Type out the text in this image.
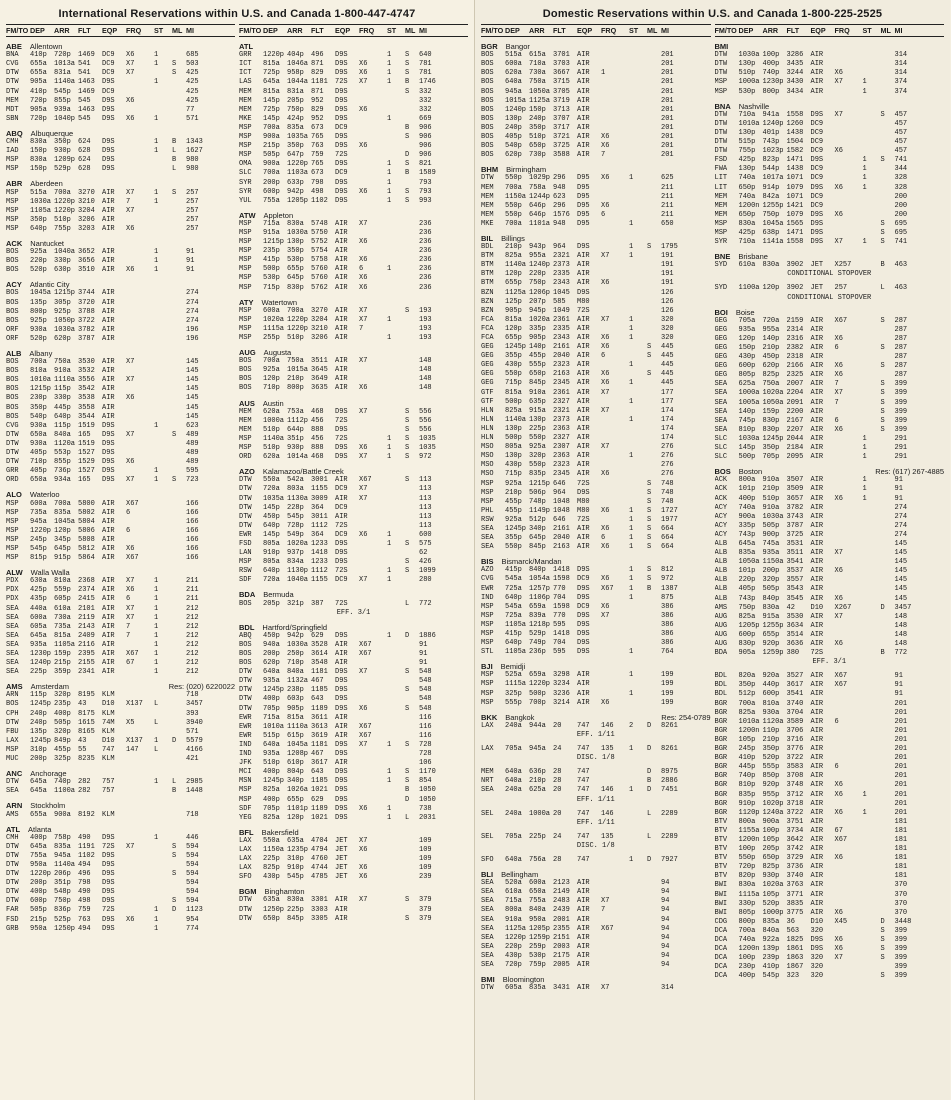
International Reservations within U.S. and Canada 1-800-447-4747
FM/TO DEP	ARR	FLT	EQP	FRQ	ST	ML MI
ABE Allentown
BNA	410p	720p	1469	DC9	X6	1	685
CVG	655a	1013a 541	DC9	X7	1	S	503
DTW	655a	831a	541	DC9	X7	S	425
DTW	905a	1140a 1463	D9S	1	425
DTW	410p	545p	1469	DC9	425
MEM	720p	855p	545	D9S	X6	425
MDT	905a	939a	1463	D9S	77
SBN	720p	1040p 545	D9S	X6	1	571
ABQ Albuquerque
CMH	830a	350p	624	D9S	1	B	1343
IAD	150p	930p	628	D9S	1	L	1627
MSP	830a	1209p 624	D9S	B	980
MSP	150p	529p	628	D9S	L	980
ABR Aberdeen
MSP	515a	700a	3270	AIR	X7	1	S	257
MSP	1030a 1220p 3210	AIR	7	1	257
MSP	1105a 1220p 3204	AIR	X7	257
MSP	350p	510p	3206	AIR	257
MSP	640p	755p	3203	AIR	X6	257
ACK Nantucket
BOS	925a	1040a 3652	AIR	1	91
BOS	220p	330p	3656	AIR	1	91
BOS	520p	630p	3510	AIR	X6	1	91
ACY Atlantic City
BOS	1045a 1215p 3744	AIR	274
BOS	135p	305p	3720	AIR	274
BOS	800p	925p	3788	AIR	274
BOS	925p	1050p 3722	AIR	274
ORF	930a	1030a 3782	AIR	196
ORF	520p	620p	3787	AIR	196
ALB Albany
BOS	700a	750a	3530	AIR	X7	145
BOS	810a	910a	3532	AIR	145
BOS	1010a 1110a 3556	AIR	X7	145
BOS	1215p 115p	3542	AIR	145
BOS	230p	330p	3538	AIR	X6	145
BOS	350p	445p	3558	AIR	145
BOS	540p	640p	3544	AIR	145
CVG	930a	115p	1519	D9S	1	623
DTW	650a	840a	165	D9S	X7	S	489
DTW	930a	1120a 1519	D9S	489
DTW	405p	553p	1527	D9S	489
DTW	710p	855p	1529	D9S	X6	489
GRR	405p	736p	1527	D9S	1	595
ORD	650a	934a	165	D9S	X7	1	S	723
ALO Waterloo
MSP	600a	700a	5800	AIR	X67	166
MSP	735a	835a	5802	AIR	6	166
MSP	945a	1045a 5804	AIR	166
MSP	1220p 120p	5806	AIR	6	166
MSP	245p	345p	5808	AIR	166
MSP	545p	645p	5812	AIR	X6	166
MSP	815p	915p	5864	AIR	X67	166
ALW Walla Walla
PDX	630a	810a	2368	AIR	X7	1	211
PDX	425p	559p	2374	AIR	X6	1	211
PDX	435p	605p	2415	AIR	6	1	211
SEA	440a	610a	2101	AIR	X7	1	212
SEA	600a	730a	2119	AIR	X7	1	212
SEA	605a	735a	2143	AIR	7	1	212
SEA	645a	815a	2409	AIR	7	1	212
SEA	935a	1105a 2116	AIR	1	212
SEA	1230p 159p	2395	AIR	X67	1	212
SEA	1240p 215p	2155	AIR	67	1	212
SEA	225p	359p	2341	AIR	1	212
AMS Amsterdam	Res: (020) 6220022
ARN	115p	320p	8195	KLM	718
BOS	1245p 235p	43	D10	X137	L	3457
CPH	240p	400p	8175	KLM	393
DTW	240p	505p	1615	74M	X5	L	3940
FBU	135p	320p	8165	KLM	571
LAX	1245p 849p	43	D10	X137	1	D	5579
MSP	310p	455p	55	747	147	L	4166
MUC	200p	325p	8235	KLM	421
ANC Anchorage
DTW	645a	740p	282	757	1	L	2985
SEA	645a	1100a 282	757	B	1448
ARN Stockholm
AMS	655a	900a	8192	KLM	718
ATL Atlanta
CMH	400p	758p	490	D9S	1	446
DTW	645a	835a	1191	72S	X7	S	594
DTW	755a	945a	1102	D9S	S	594
DTW	950a	1140a 494	D9S	594
DTW	1220p 206p	496	D9S	S	594
DTW	200p	351p	798	D9S	594
DTW	400p	548p	490	D9S	594
DTW	600p	750p	498	D9S	S	594
FAR	505p	836p	759	72S	1	D	1123
FSD	215p	525p	763	D9S	X6	1	954
GRB	950a	1250p 494	D9S	1	774
FM/TO DEP	ARR	FLT	EQP	FRQ	ST	ML MI
ATL
GRR	1220p 404p	496	D9S	1	S	640
ICT	815a	1046a 871	D9S	X6	1	S	781
ICT	725p	958p	829	D9S	X6	1	S	781
LAS	645a	1044a 1181	72S	X7	1	B	1746
MEM	815a	831a	871	D9S	S	332
MEM	145p	205p	952	D9S	332
MEM	725p	750p	829	D9S	X6	332
MKE	145p	424p	952	D9S	1	669
MSP	700a	835a	673	DC9	B	906
MSP	900a	1035a 765	D9S	S	906
MSP	215p	350p	763	D9S	X6	906
MSP	505p	647p	759	72S	D	906
OMA	900a	1220p 765	D9S	1	S	821
SLC	700a	1103a 673	DC9	1	B	1589
SYR	200p	633p	798	D9S	1	793
SYR	600p	942p	498	D9S	X6	1	S	793
YUL	755a	1205p 1102	D9S	1	S	993
ATW Appleton
MSP	715a	830a	5748	AIR	X7	236
MSP	915a	1030a 5750	AIR	236
MSP	1215p 130p	5752	AIR	X6	236
MSP	235p	350p	5754	AIR	236
MSP	415p	530p	5758	AIR	X6	236
MSP	500p	655p	5760	AIR	6	1	236
MSP	530p	645p	5760	AIR	X6	236
MSP	715p	830p	5762	AIR	X6	236
ATY Watertown
MSP	600a	700a	3270	AIR	X7	S	193
MSP	1020a 1220p 3204	AIR	X7	1	193
MSP	1115a 1220p 3210	AIR	7	193
MSP	255p	510p	3206	AIR	1	193
AUG Augusta
BOS	700a	750a	3511	AIR	X7	148
BOS	925a	1015a 3645	AIR	148
BOS	120p	210p	3649	AIR	148
BOS	710p	800p	3635	AIR	X6	148
AUS Austin
MEM	620a	753a	468	D9S	X7	S	556
MEM	1000a 1112p 456	72S	S	556
MEM	510p	644p	888	D9S	S	556
MSP	1140a 351p	456	72S	1	S	1035
MSP	510p	930p	888	D9S	X6	1	S	1035
ORD	620a	1014a 468	D9S	X7	1	S	972
AZO Kalamazoo/Battle Creek
DTW	550a	542a	3001	AIR	X67	S	113
DTW	720a	803a	1155	DC9	X7	113
DTW	1035a 1130a 3009	AIR	X7	113
DTW	145p	228p	364	DC9	113
DTW	450p	545p	3011	AIR	113
DTW	640p	728p	1112	72S	113
EWR	145p	549p	364	DC9	X6	1	600
FSD	805a	1020a 1233	D9S	1	S	575
LAN	910p	937p	1418	D9S	62
MSP	805a	834a	1233	D9S	S	426
RSW	640p	1130p 1112	72S	1	S	1099
SDF	720a	1040a 1155	DC9	X7	1	280
BDA Bermuda
BOS	205p	321p	387	72S	L	772
EFF. 3/1
BDL Hartford/Springfield
ABQ	450p	942p	629	D9S	1	D	1886
BOS	940a	1030a 3528	AIR	X67	91
BOS	200p	250p	3614	AIR	X67	91
BOS	620p	710p	3548	AIR	91
DTW	640a	840a	1181	D9S	X7	S	548
DTW	935a	1132a 467	D9S	548
DTW	1245p 238p	1185	D9S	S	548
DTW	400p	603p	643	D9S	548
DTW	705p	905p	1189	D9S	X6	S	548
EWR	715a	815a	3611	AIR	116
EWR	1010a 1110a 3613	AIR	X67	116
EWR	515p	615p	3619	AIR	X67	116
IND	640a	1045a 1181	D9S	X7	1	S	728
IND	935a	1208p 467	D9S	728
JFK	510p	610p	3617	AIR	106
MCI	400p	804p	643	D9S	1	S	1170
MSN	1245p 340p	1185	D9S	1	S	854
MSP	825a	1026a 1021	D9S	B	1050
MSP	400p	655p	629	D9S	D	1050
SDF	705p	1101p 1189	D9S	X6	1	738
YEG	825a	120p	1021	D9S	1	L	2031
BFL Bakersfield
LAX	550a	635a	4704	JET	X7	109
LAX	1150a 1235p 4794	JET	X6	109
LAX	225p	310p	4760	JET	109
LAX	825p	910p	4744	JET	X6	109
SFO	430p	545p	4785	JET	X6	239
BGM Binghamton
DTW	635a	830a	3301	AIR	X7	S	379
DTW	1250p 225p	3303	AIR	379
DTW	650p	845p	3305	AIR	S	379
Domestic Reservations within U.S. and Canada 1-800-225-2525
FM/TO DEP	ARR	FLT	EQP	FRQ	ST	ML MI
BGR Bangor
BOS	515a	615a	3701	AIR	201
BOS	600a	710a	3703	AIR	201
BOS	620a	730a	3667	AIR	1	201
BOS	640a	750a	3715	AIR	201
BOS	945a	1050a 3705	AIR	201
BOS	1015a 1125a 3719	AIR	201
BOS	1240p 150p	3713	AIR	201
BOS	130p	240p	3707	AIR	201
BOS	240p	350p	3717	AIR	201
BOS	405p	510p	3721	AIR	X6	201
BOS	540p	650p	3725	AIR	X6	201
BOS	620p	730p	3588	AIR	7	201
BHM Birmingham
DTW	550p	1029p 296	D95	X6	1	625
MEM	700a	758a	948	D95	211
MEM	1150a 1244p 623	D95	211
MEM	550p	646p	296	D95	X6	211
MEM	550p	646p	1576	D95	6	211
MKE	700a	1101a 948	D95	1	650
BIL Billings
BDL	210p	943p	964	D9S	1	S	1795
BTM	825a	955a	2321	AIR	X7	1	191
BTM	1140a 1240p 2373	AIR	191
BTM	120p	220p	2335	AIR	191
BTM	655p	750p	2343	AIR	X6	191
BZN	1125a 1206p 1045	D9S	126
BZN	125p	207p	585	M80	126
BZN	905p	945p	1049	72S	126
FCA	815a	1020a 2361	AIR	X7	1	320
FCA	120p	335p	2335	AIR	1	320
FCA	655p	905p	2343	AIR	X6	1	320
GEG	1245p 140p	2161	AIR	X6	S	445
GEG	355p	455p	2040	AIR	6	S	445
GEG	430p	555p	2323	AIR	1	445
GEG	550p	650p	2163	AIR	X6	S	445
GEG	715p	845p	2345	AIR	X6	1	445
GTF	815a	910a	2361	AIR	X7	177
GTF	500p	635p	2327	AIR	1	177
HLN	825a	915a	2321	AIR	X7	174
HLN	1140a 130p	2373	AIR	1	174
HLN	130p	225p	2363	AIR	174
HLN	500p	550p	2327	AIR	174
MSO	805a	925a	2307	AIR	X7	276
MSO	130p	320p	2363	AIR	1	276
MSO	430p	550p	2323	AIR	276
MSO	715p	835p	2345	AIR	X6	276
MSP	925a	1215p 646	72S	S	748
MSP	210p	506p	964	D9S	S	748
MSP	455p	748p	1048	M80	S	748
PHL	455p	1149p 1048	M80	X6	1	S	1727
RSW	925a	512p	646	72S	1	S	1977
SEA	1245p 340p	2161	AIR	X6	1	S	664
SEA	355p	645p	2040	AIR	6	1	S	664
SEA	550p	845p	2163	AIR	X6	1	S	664
BIS Bismarck/Mandan
AZO	415p	840p	1418	D9S	1	S	812
CVG	545a	1054a 1598	DC9	X6	1	S	972
EWR	725a	1257p 770	D9S	X67	1	B	1387
IND	640p	1106p 704	D9S	1	875
MSP	545a	659a	1598	DC9	X6	386
MSP	725a	839a	770	D9S	X7	386
MSP	1105a 1218p 595	D9S	386
MSP	415p	529p	1418	D9S	386
MSP	640p	749p	704	D9S	386
STL	1105a 236p	595	D9S	1	764
BJI Bemidji
MSP	525a	659a	3298	AIR	1	199
MSP	1115a 1220p 3234	AIR	199
MSP	325p	500p	3236	AIR	1	199
MSP	555p	700p	3214	AIR	X6	199
BKK Bangkok	Res: 254-0789
LAX	240a	944a	20	747	146	2	D	8261
EFF. 1/11
LAX	705a	945a	24	747	135	1	D	8261
DISC. 1/8
MEM	640a	636p	28	747	D	8975
NRT	640a	210p	28	747	B	2886
SEA	240a	625a	20	747	146	1	D	7451
EFF. 1/11
SEL	240a	1000a 20	747	146	L	2289
EFF. 1/11
SEL	705a	225p	24	747	135	L	2289
DISC. 1/8
SFO	640a	756a	28	747	1	D	7927
BLI Bellingham
SEA	520a	600a	2123	AIR	94
SEA	610a	650a	2149	AIR	94
SEA	715a	755a	2483	AIR	X7	94
SEA	800a	840a	2439	AIR	7	94
SEA	910a	950a	2001	AIR	94
SEA	1125a 1205p 2355	AIR	X67	94
SEA	1220p 1259p 2151	AIR	94
SEA	220p	259p	2003	AIR	94
SEA	430p	530p	2175	AIR	94
SEA	720p	759p	2005	AIR	94
BMI Bloomington
DTW	605a	835a	3431	AIR	X7	314
FM/TO DEP	ARR	FLT	EQP	FRQ	ST	ML MI
BMI
DTW	1030a 100p	3286	AIR	314
DTW	130p	400p	3435	AIR	314
DTW	510p	740p	3244	AIR	X6	314
MSP	1000a 1230p 3430	AIR	X7	1	374
MSP	530p	800p	3434	AIR	1	374
BNA Nashville
DTW	710a	941a	1558	D9S	X7	S	457
DTW	1010a 1240p 1260	DC9	457
DTW	130p	401p	1438	DC9	457
DTW	515p	743p	1504	DC9	457
DTW	755p	1023p 1582	DC9	X6	457
FSD	425p	823p	1471	D9S	1	S	741
FWA	130p	544p	1438	DC9	1	344
LIT	740a	1017a 1071	DC9	1	328
LIT	650p	914p	1079	D9S	X6	1	328
MEM	740a	842a	1071	DC9	200
MEM	1200n 1255p 1421	DC9	200
MEM	650p	750p	1079	D9S	X6	200
MSP	830a	1045a 1565	D9S	S	695
MSP	425p	638p	1471	D9S	S	695
SYR	710a	1141a 1558	D9S	X7	1	S	741
BNE Brisbane
SYD	610a	830a	3902	JET	X257	B	463
CONDITIONAL STOPOVER
SYD	1100a 120p	3902	JET	257	L	463
CONDITIONAL STOPOVER
BOI Boise
GEG	705a	720a	2159	AIR	X67	S	287
GEG	935a	955a	2314	AIR	287
GEG	120p	140p	2316	AIR	X6	287
GEG	150p	210p	2382	AIR	6	S	287
GEG	430p	450p	2318	AIR	287
GEG	600p	620p	2166	AIR	X6	S	287
GEG	805p	825p	2325	AIR	X6	287
SEA	625a	750a	2007	AIR	7	S	399
SEA	1000a 1020a 2204	AIR	X7	S	399
SEA	1005a 1050a 2091	AIR	7	S	399
SEA	140p	159p	2200	AIR	S	399
SEA	745p	830p	2167	AIR	6	S	399
SEA	810p	830p	2207	AIR	X6	S	399
SLC	1030a 1245p 2044	AIR	1	291
SLC	145p	350p	2184	AIR	1	291
SLC	500p	705p	2095	AIR	1	291
BOS Boston	Res: (617) 267-4885
ACK	800a	910a	3507	AIR	1	91
ACK	101p	210p	3509	AIR	1	91
ACK	400p	510p	3657	AIR	X6	1	91
ACY	740a	910a	3782	AIR	274
ACY	900a	1030a 3743	AIR	274
ACY	335p	505p	3787	AIR	274
ACY	743p	900p	3725	AIR	274
ALB	645a	745a	3531	AIR	145
ALB	835a	935a	3511	AIR	X7	145
ALB	1050a 1150a 3541	AIR	145
ALB	101p	200p	3537	AIR	X6	145
ALB	220p	320p	3557	AIR	145
ALB	405p	505p	3543	AIR	145
ALB	743p	840p	3545	AIR	X6	145
AMS	750p	830a	42	D10	X267	D	3457
AUG	825a	915a	3530	AIR	X7	148
AUG	1205p 1255p 3634	AIR	148
AUG	600p	655p	3514	AIR	148
AUG	830p	920p	3636	AIR	X6	148
BDA	905a	1259p 380	72S	B	772
EFF. 3/1
BDL	820a	920a	3527	AIR	X67	91
BDL	350p	440p	3617	AIR	X67	91
BDL	512p	600p	3541	AIR	91
BGR	700a	810a	3740	AIR	201
BGR	825a	930a	3704	AIR	201
BGR	1010a 1120a 3589	AIR	6	201
BGR	1200n 110p	3706	AIR	201
BGR	105p	210p	3716	AIR	201
BGR	245p	350p	3776	AIR	201
BGR	410p	520p	3722	AIR	201
BGR	445p	555p	3583	AIR	6	201
BGR	740p	850p	3708	AIR	201
BGR	810p	920p	3748	AIR	X6	201
BGR	835p	955p	3712	AIR	X6	1	201
BGR	910p	1020p 3718	AIR	201
BGR	1120p 1240a 3722	AIR	X6	1	201
BTV	800a	900a	3751	AIR	181
BTV	1155a 100p	3734	AIR	67	181
BTV	1200n 105p	3642	AIR	X67	181
BTV	100p	205p	3742	AIR	181
BTV	550p	650p	3729	AIR	X6	181
BTV	720p	825p	3736	AIR	181
BTV	820p	930p	3740	AIR	181
BWI	830a	1020a 3763	AIR	370
BWI	1115a 105p	3771	AIR	370
BWI	330p	520p	3835	AIR	370
BWI	805p	1000p 3775	AIR	X6	370
CDG	800p	835a	36	D10	X45	D	3448
DCA	700a	840a	563	320	S	399
DCA	740a	922a	1825	D9S	X6	S	399
DCA	1200n 139p	1861	D9S	X6	S	399
DCA	100p	239p	1863	320	X7	S	399
DCA	230p	410p	1867	320	399
DCA	400p	545p	323	320	S	399
